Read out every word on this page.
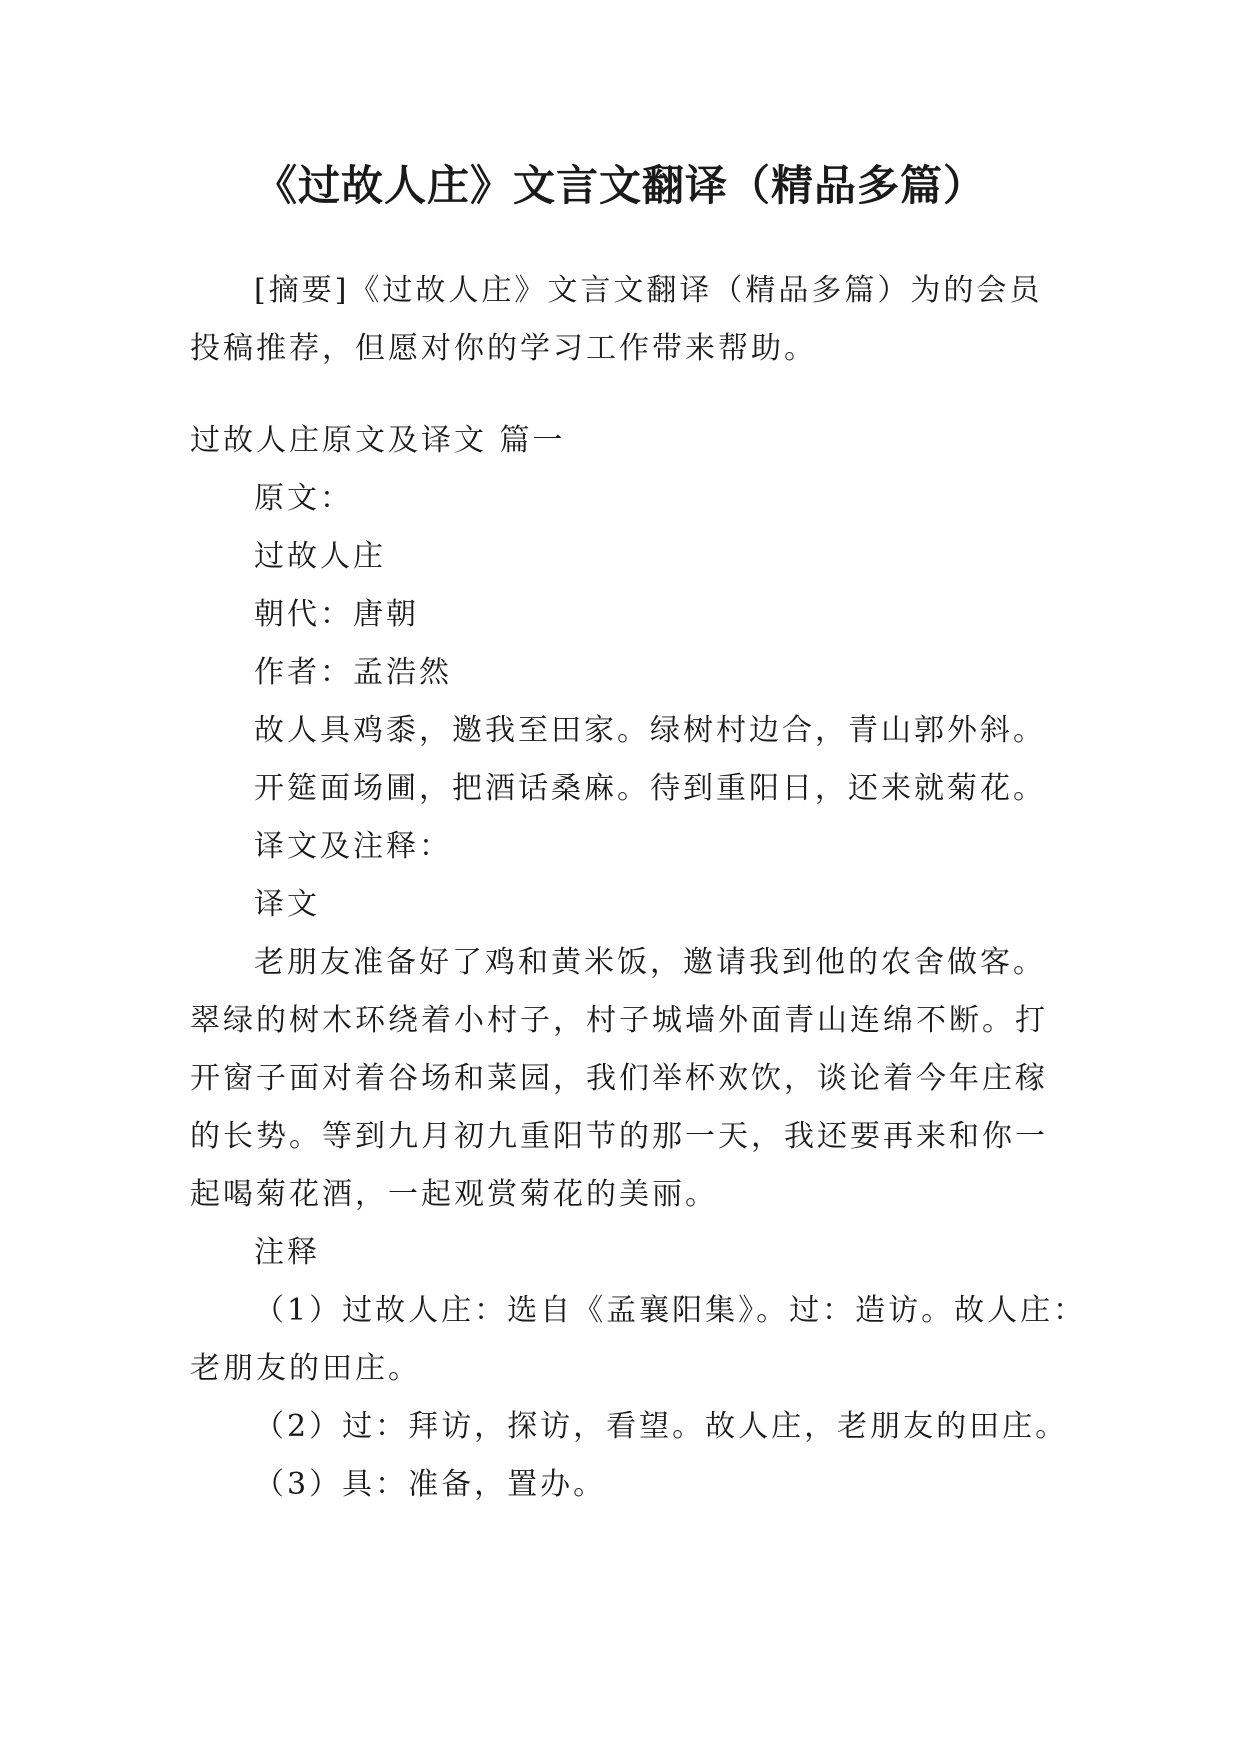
《过故人庄》文言文翻译（精品多篇）
[摘要]《过故人庄》文言文翻译（精品多篇）为的会员
投稿推荐，但愿对你的学习工作带来帮助。
过故人庄原文及译文 篇一
原文：
过故人庄
朝代：唐朝
作者：孟浩然
故人具鸡黍，邀我至田家。绿树村边合，青山郭外斜。
开筵面场圃，把酒话桑麻。待到重阳日，还来就菊花。
译文及注释：
译文
老朋友准备好了鸡和黄米饭，邀请我到他的农舍做客。
翠绿的树木环绕着小村子，村子城墙外面青山连绵不断。打
开窗子面对着谷场和菜园，我们举杯欢饮，谈论着今年庄稼
的长势。等到九月初九重阳节的那一天，我还要再来和你一
起喝菊花酒，一起观赏菊花的美丽。
注释
（1）过故人庄：选自《孟襄阳集》。过：造访。故人庄：
老朋友的田庄。
（2）过：拜访，探访，看望。故人庄，老朋友的田庄。
（3）具：准备，置办。
